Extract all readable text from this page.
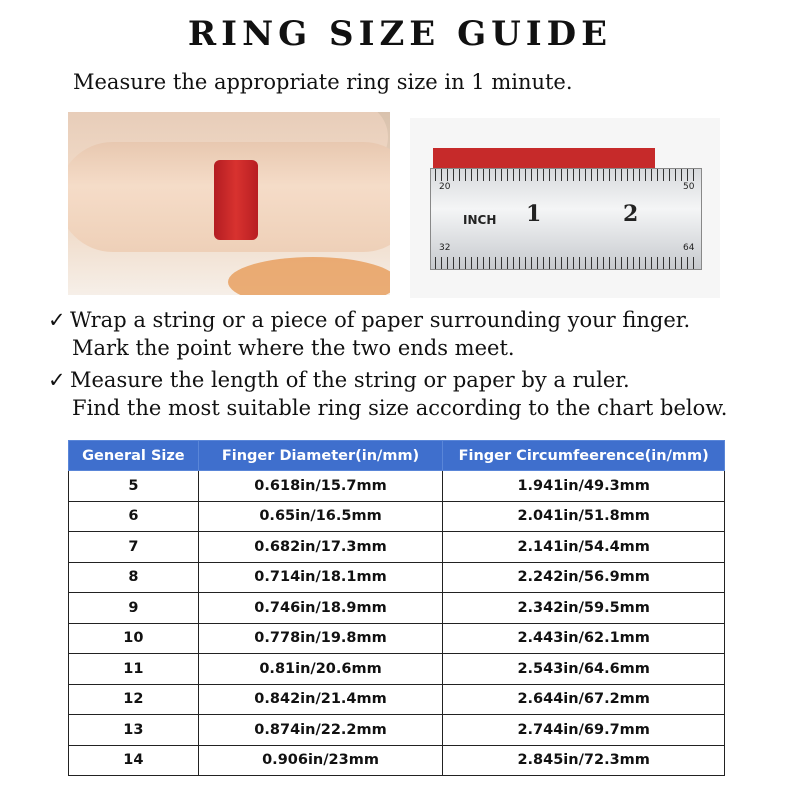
RING SIZE GUIDE
Measure the appropriate ring size in 1 minute.
20	50
32	64
INCH 1	2
✓ Wrap a string or a piece of paper surrounding your finger.
Mark the point where the two ends meet.
✓ Measure the length of the string or paper by a ruler.
Find the most suitable ring size according to the chart below.
General Size	Finger Diameter(in/mm)	Finger Circumfeerence(in/mm)
5	0.618in/15.7mm	1.941in/49.3mm
6	0.65in/16.5mm	2.041in/51.8mm
7	0.682in/17.3mm	2.141in/54.4mm
8	0.714in/18.1mm	2.242in/56.9mm
9	0.746in/18.9mm	2.342in/59.5mm
10	0.778in/19.8mm	2.443in/62.1mm
11	0.81in/20.6mm	2.543in/64.6mm
12	0.842in/21.4mm	2.644in/67.2mm
13	0.874in/22.2mm	2.744in/69.7mm
14	0.906in/23mm	2.845in/72.3mm
